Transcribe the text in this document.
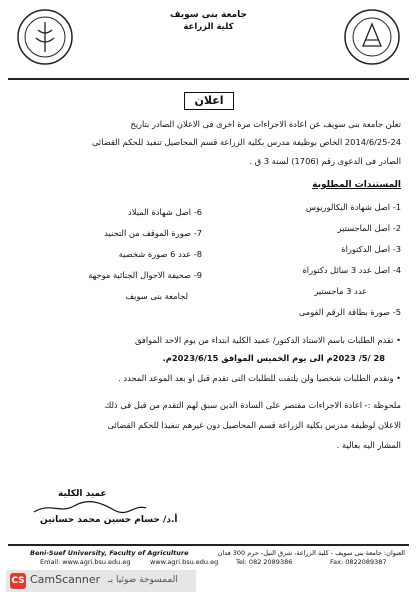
جامعة بنى سويف
كلية الزراعة
اعلان
تعلن جامعة بنى سويف عن اعادة الاجراءات مرة اخرى فى الاعلان الصادر بتاريخ
2014/6/25-24 الخاص بوظيفة مدرس بكلية الزراعة قسم المحاصيل تنفيذ للحكم القضائى
الصادر فى الدعوى رقم (1706) لسنة 3 ق .
المستندات المطلوبة
1- اصل شهادة البكالوريوس
2- اصل الماجستير
3- اصل الدكتوراة
4- اصل عدد 3 سائل دكتوراة
عدد 3 ماجستير
5- صورة بطاقة الرقم القومى
6- اصل شهادة الميلاد
7- صورة الموقف من التجنيد
8- عدد 6 صورة شخصية
9- صحيفة الاحوال الجنائية موجهة
لجامعة بنى سويف
• تقدم الطلبات باسم الاستاذ الدكتور/ عميد الكلية ابتداء من يوم الاحد الموافق
28 /5/ 2023م الى يوم الخميس الموافق 2023/6/15م.
• ونقدم الطلبات شخصيا ولن يلتفت للطلبات التى تقدم قبل او بعد الموعد المحدد .
ملحوظة :- اعادة الاجراءات مقتصر على السادة الذين سبق لهم التقدم من قبل فى ذلك
الاعلان لوظيفة مدرس بكلية الزراعة قسم المحاصيل دون غيرهم تنفيذا للحكم القضائى
المشار اليه بعالية .
عميد الكلية
أ.د/ حسام حسين محمد حسانين
العنوان: جامعة بنى سويف - كلية الزراعة، شرق النيل- حرم 300 فدان
Beni-Suef University, Faculty of Agriculture
www.agri.bsu.edu.eg	Tel: 082 2089386	Fax: 0822089387
Email: www.agri.bsu.edu.eg
CS CamScanner الممسوحة ضوئيا بـ
